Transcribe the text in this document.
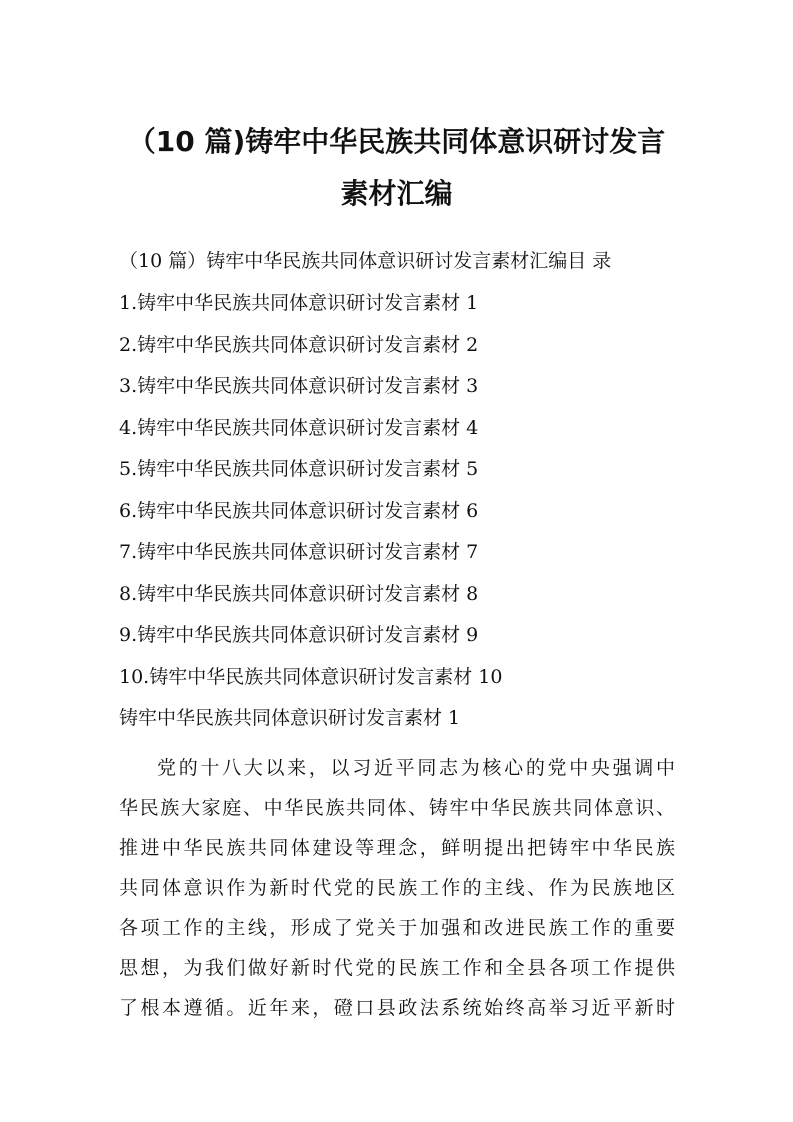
（10 篇)铸牢中华民族共同体意识研讨发言
素材汇编
（10 篇）铸牢中华民族共同体意识研讨发言素材汇编目 录
1.铸牢中华民族共同体意识研讨发言素材 1
2.铸牢中华民族共同体意识研讨发言素材 2
3.铸牢中华民族共同体意识研讨发言素材 3
4.铸牢中华民族共同体意识研讨发言素材 4
5.铸牢中华民族共同体意识研讨发言素材 5
6.铸牢中华民族共同体意识研讨发言素材 6
7.铸牢中华民族共同体意识研讨发言素材 7
8.铸牢中华民族共同体意识研讨发言素材 8
9.铸牢中华民族共同体意识研讨发言素材 9
10.铸牢中华民族共同体意识研讨发言素材 10
铸牢中华民族共同体意识研讨发言素材 1
党的十八大以来，以习近平同志为核心的党中央强调中
华民族大家庭、中华民族共同体、铸牢中华民族共同体意识、
推进中华民族共同体建设等理念，鲜明提出把铸牢中华民族
共同体意识作为新时代党的民族工作的主线、作为民族地区
各项工作的主线，形成了党关于加强和改进民族工作的重要
思想，为我们做好新时代党的民族工作和全县各项工作提供
了根本遵循。近年来，磴口县政法系统始终高举习近平新时
